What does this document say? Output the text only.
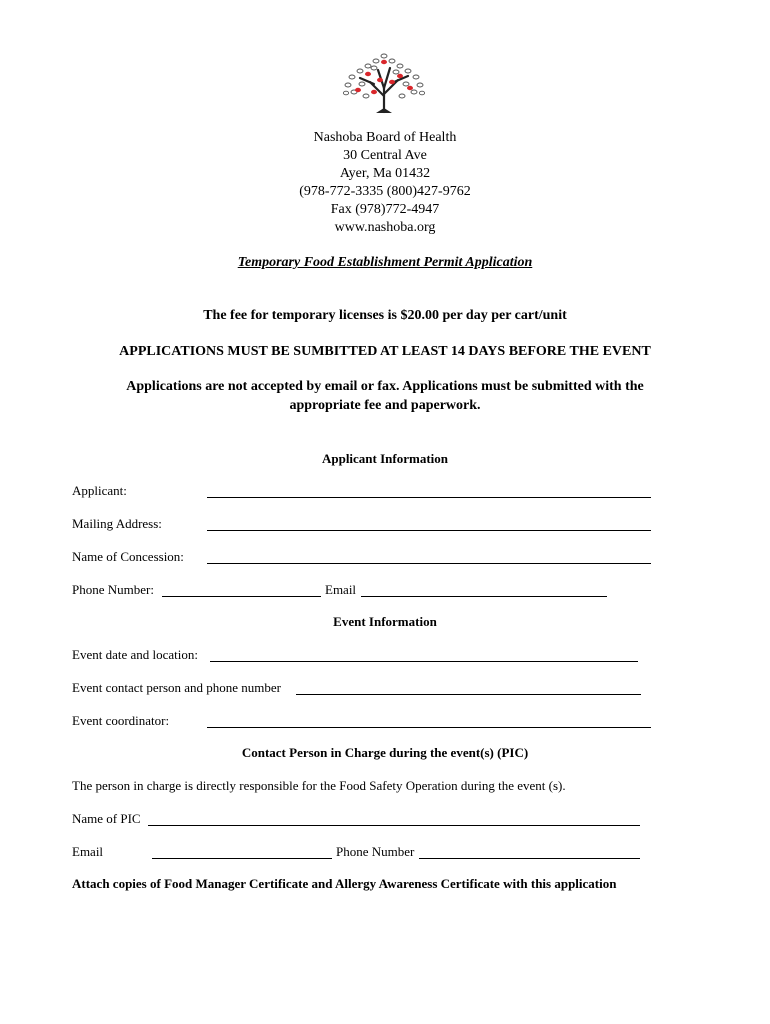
Nashoba Board of Health
30 Central Ave
Ayer, Ma 01432
(978-772-3335 (800)427-9762
Fax (978)772-4947
www.nashoba.org
Temporary Food Establishment Permit Application
The fee for temporary licenses is $20.00 per day per cart/unit
APPLICATIONS MUST BE SUMBITTED AT LEAST 14 DAYS BEFORE THE EVENT
Applications are not accepted by email or fax. Applications must be submitted with the
appropriate fee and paperwork.
Applicant Information
Applicant:
Mailing Address:
Name of Concession:
Phone Number:	Email
Event Information
Event date and location:
Event contact person and phone number
Event coordinator:
Contact Person in Charge during the event(s) (PIC)
The person in charge is directly responsible for the Food Safety Operation during the event (s).
Name of PIC
Email	Phone Number
Attach copies of Food Manager Certificate and Allergy Awareness Certificate with this application
